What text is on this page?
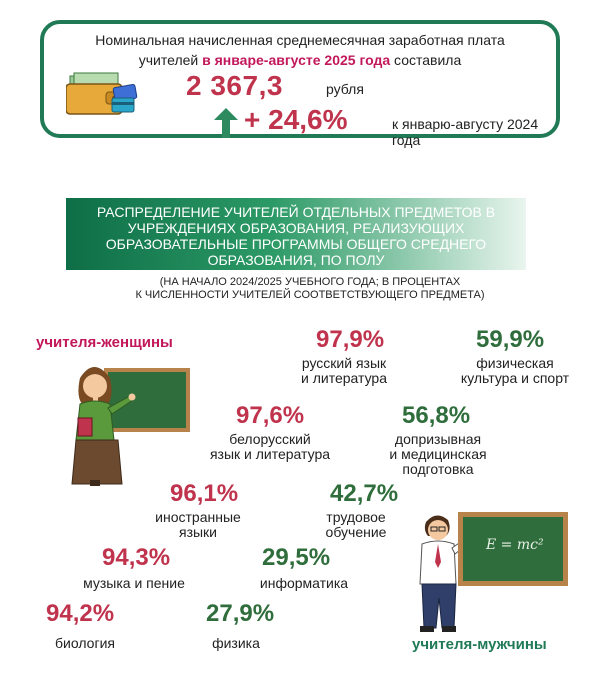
Номинальная начисленная среднемесячная заработная плата
учителей в январе-августе 2025 года составила
2 367,3	рубля
+ 24,6%	к январю-августу 2024 года
РАСПРЕДЕЛЕНИЕ УЧИТЕЛЕЙ ОТДЕЛЬНЫХ ПРЕДМЕТОВ В УЧРЕЖДЕНИЯХ ОБРАЗОВАНИЯ, РЕАЛИЗУЮЩИХ ОБРАЗОВАТЕЛЬНЫЕ ПРОГРАММЫ ОБЩЕГО СРЕДНЕГО ОБРАЗОВАНИЯ, ПО ПОЛУ
(НА НАЧАЛО 2024/2025 УЧЕБНОГО ГОДА; В ПРОЦЕНТАХ
К ЧИСЛЕННОСТИ УЧИТЕЛЕЙ СООТВЕТСТВУЮЩЕГО ПРЕДМЕТА)
учителя-женщины
E = mc²
учителя-мужчины
97,9%
русский язык
и литература
97,6%
белорусский
язык и литература
96,1%
иностранные
языки
94,3%
музыка и пение
94,2%
биология
59,9%
физическая
культура и спорт
56,8%
допризывная
и медицинская
подготовка
42,7%
трудовое
обучение
29,5%
информатика
27,9%
физика
